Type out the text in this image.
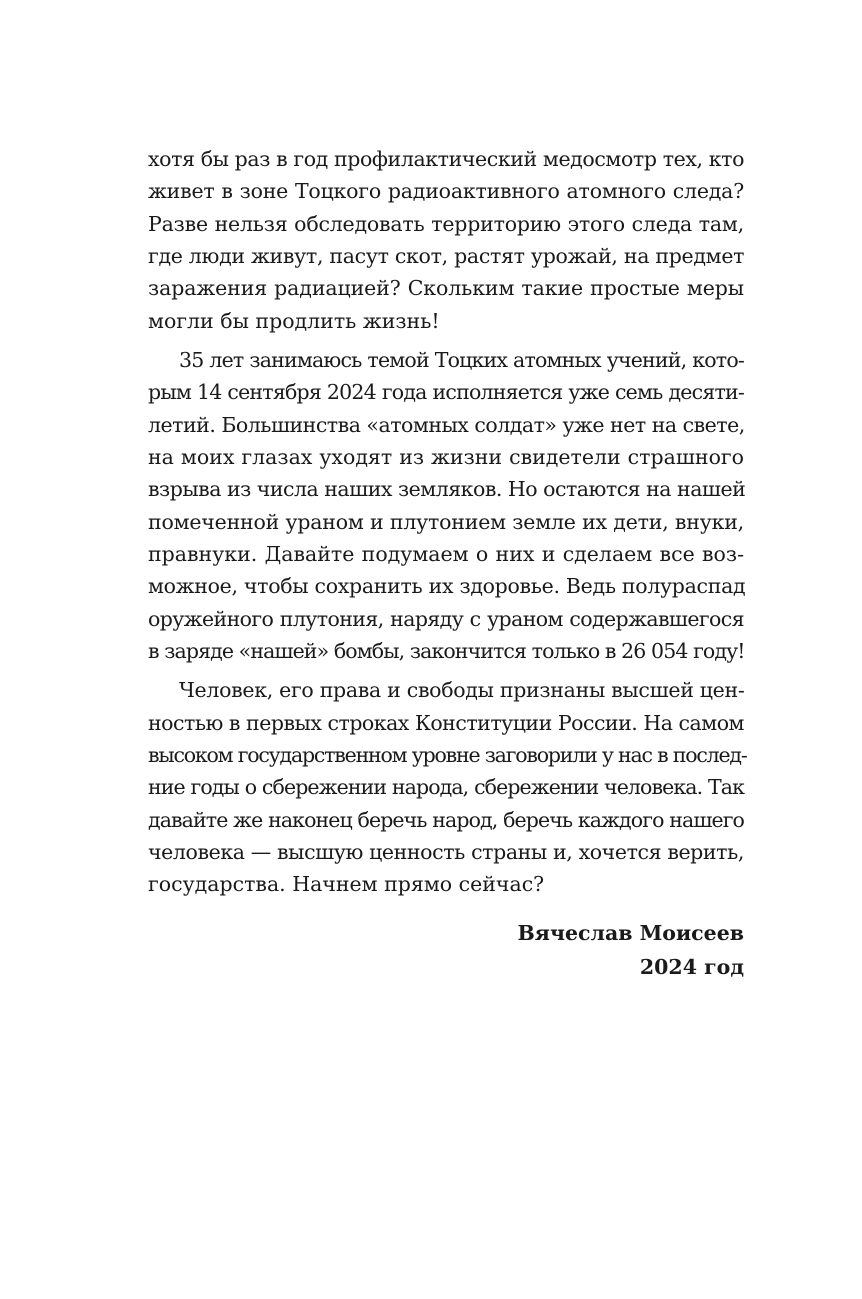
хотя бы раз в год профилактический медосмотр тех, кто
живет в зоне Тоцкого радиоактивного атомного следа?
Разве нельзя обследовать территорию этого следа там,
где люди живут, пасут скот, растят урожай, на предмет
заражения радиацией? Скольким такие простые меры
могли бы продлить жизнь!
35 лет занимаюсь темой Тоцких атомных учений, кото-
рым 14 сентября 2024 года исполняется уже семь десяти-
летий. Большинства «атомных солдат» уже нет на свете,
на моих глазах уходят из жизни свидетели страшного
взрыва из числа наших земляков. Но остаются на нашей
помеченной ураном и плутонием земле их дети, внуки,
правнуки. Давайте подумаем о них и сделаем все воз-
можное, чтобы сохранить их здоровье. Ведь полураспад
оружейного плутония, наряду с ураном содержавшегося
в заряде «нашей» бомбы, закончится только в 26 054 году!
Человек, его права и свободы признаны высшей цен-
ностью в первых строках Конституции России. На самом
высоком государственном уровне заговорили у нас в послед-
ние годы о сбережении народа, сбережении человека. Так
давайте же наконец беречь народ, беречь каждого нашего
человека — высшую ценность страны и, хочется верить,
государства. Начнем прямо сейчас?
Вячеслав Моисеев
2024 год
